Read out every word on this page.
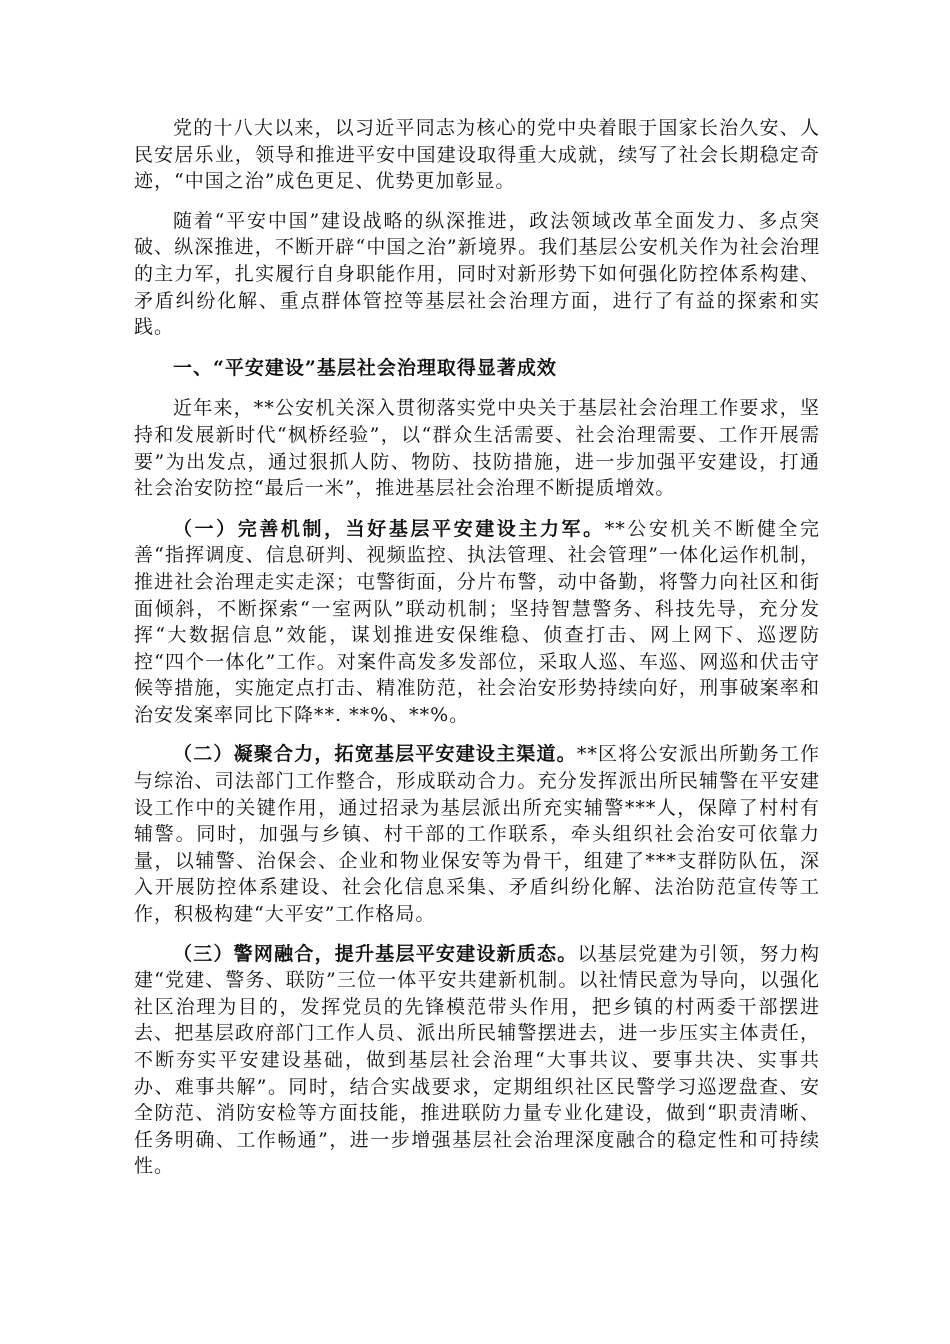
党的十八大以来，以习近平同志为核心的党中央着眼于国家长治久安、人民安居乐业，领导和推进平安中国建设取得重大成就，续写了社会长期稳定奇迹，“中国之治”成色更足、优势更加彰显。

随着“平安中国”建设战略的纵深推进，政法领域改革全面发力、多点突破、纵深推进，不断开辟“中国之治”新境界。我们基层公安机关作为社会治理的主力军，扎实履行自身职能作用，同时对新形势下如何强化防控体系构建、矛盾纠纷化解、重点群体管控等基层社会治理方面，进行了有益的探索和实践。

一、“平安建设”基层社会治理取得显著成效

近年来，**公安机关深入贯彻落实党中央关于基层社会治理工作要求，坚持和发展新时代“枫桥经验”，以“群众生活需要、社会治理需要、工作开展需要”为出发点，通过狠抓人防、物防、技防措施，进一步加强平安建设，打通社会治安防控“最后一米”，推进基层社会治理不断提质增效。

（一）完善机制，当好基层平安建设主力军。**公安机关不断健全完善“指挥调度、信息研判、视频监控、执法管理、社会管理”一体化运作机制，推进社会治理走实走深；屯警街面，分片布警，动中备勤，将警力向社区和街面倾斜，不断探索“一室两队”联动机制；坚持智慧警务、科技先导，充分发挥“大数据信息”效能，谋划推进安保维稳、侦查打击、网上网下、巡逻防控“四个一体化”工作。对案件高发多发部位，采取人巡、车巡、网巡和伏击守候等措施，实施定点打击、精准防范，社会治安形势持续向好，刑事破案率和治安发案率同比下降**. **%、**%。

（二）凝聚合力，拓宽基层平安建设主渠道。**区将公安派出所勤务工作与综治、司法部门工作整合，形成联动合力。充分发挥派出所民辅警在平安建设工作中的关键作用，通过招录为基层派出所充实辅警***人，保障了村村有辅警。同时，加强与乡镇、村干部的工作联系，牵头组织社会治安可依靠力量，以辅警、治保会、企业和物业保安等为骨干，组建了***支群防队伍，深入开展防控体系建设、社会化信息采集、矛盾纠纷化解、法治防范宣传等工作，积极构建“大平安”工作格局。

（三）警网融合，提升基层平安建设新质态。以基层党建为引领，努力构建“党建、警务、联防”三位一体平安共建新机制。以社情民意为导向，以强化社区治理为目的，发挥党员的先锋模范带头作用，把乡镇的村两委干部摆进去、把基层政府部门工作人员、派出所民辅警摆进去，进一步压实主体责任，不断夯实平安建设基础，做到基层社会治理“大事共议、要事共决、实事共办、难事共解”。同时，结合实战要求，定期组织社区民警学习巡逻盘查、安全防范、消防安检等方面技能，推进联防力量专业化建设，做到“职责清晰、任务明确、工作畅通”，进一步增强基层社会治理深度融合的稳定性和可持续性。
